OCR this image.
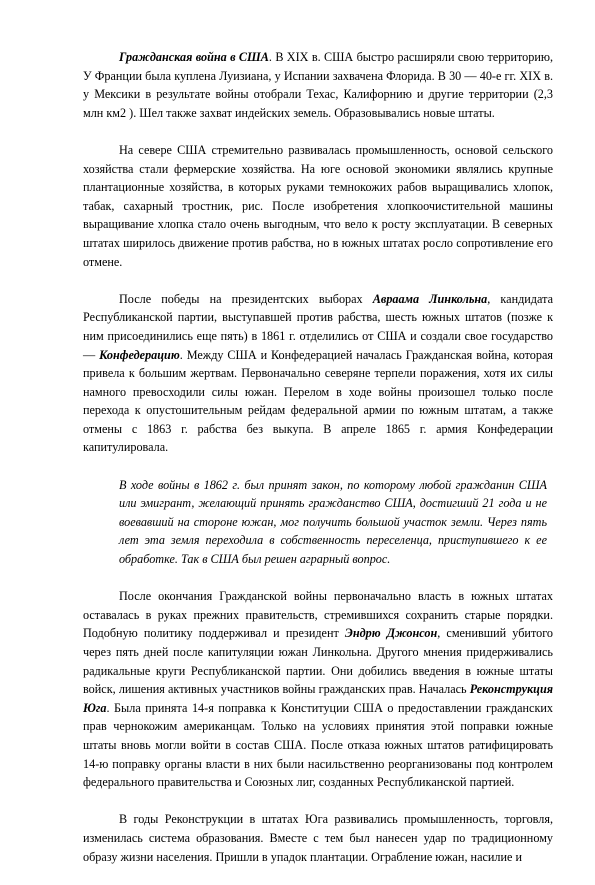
Гражданская война в США. В XIX в. США быстро расширяли свою территорию, У Франции была куплена Луизиана, у Испании захвачена Флорида. В 30 — 40-е гг. XIX в. у Мексики в результате войны отобрали Техас, Калифорнию и другие территории (2,3 млн км2 ). Шел также захват индейских земель. Образовывались новые штаты.

На севере США стремительно развивалась промышленность, основой сельского хозяйства стали фермерские хозяйства. На юге основой экономики являлись крупные плантационные хозяйства, в которых руками темнокожих рабов выращивались хлопок, табак, сахарный тростник, рис. После изобретения хлопкоочистительной машины выращивание хлопка стало очень выгодным, что вело к росту эксплуатации. В северных штатах ширилось движение против рабства, но в южных штатах росло сопротивление его отмене.

После победы на президентских выборах Авраама Линкольна, кандидата Республиканской партии, выступавшей против рабства, шесть южных штатов (позже к ним присоединились еще пять) в 1861 г. отделились от США и создали свое государство — Конфедерацию. Между США и Конфедерацией началась Гражданская война, которая привела к большим жертвам. Первоначально северяне терпели поражения, хотя их силы намного превосходили силы южан. Перелом в ходе войны произошел только после перехода к опустошительным рейдам федеральной армии по южным штатам, а также отмены с 1863 г. рабства без выкупа. В апреле 1865 г. армия Конфедерации капитулировала.

В ходе войны в 1862 г. был принят закон, по которому любой гражданин США или эмигрант, желающий принять гражданство США, достигший 21 года и не воевавший на стороне южан, мог получить большой участок земли. Через пять лет эта земля переходила в собственность переселенца, приступившего к ее обработке. Так в США был решен аграрный вопрос.

После окончания Гражданской войны первоначально власть в южных штатах оставалась в руках прежних правительств, стремившихся сохранить старые порядки. Подобную политику поддерживал и президент Эндрю Джонсон, сменивший убитого через пять дней после капитуляции южан Линкольна. Другого мнения придерживались радикальные круги Республиканской партии. Они добились введения в южные штаты войск, лишения активных участников войны гражданских прав. Началась Реконструкция Юга. Была принята 14-я поправка к Конституции США о предоставлении гражданских прав чернокожим американцам. Только на условиях принятия этой поправки южные штаты вновь могли войти в состав США. После отказа южных штатов ратифицировать 14-ю поправку органы власти в них были насильственно реорганизованы под контролем федерального правительства и Союзных лиг, созданных Республиканской партией.

В годы Реконструкции в штатах Юга развивались промышленность, торговля, изменилась система образования. Вместе с тем был нанесен удар по традиционному образу жизни населения. Пришли в упадок плантации. Ограбление южан, насилие и
